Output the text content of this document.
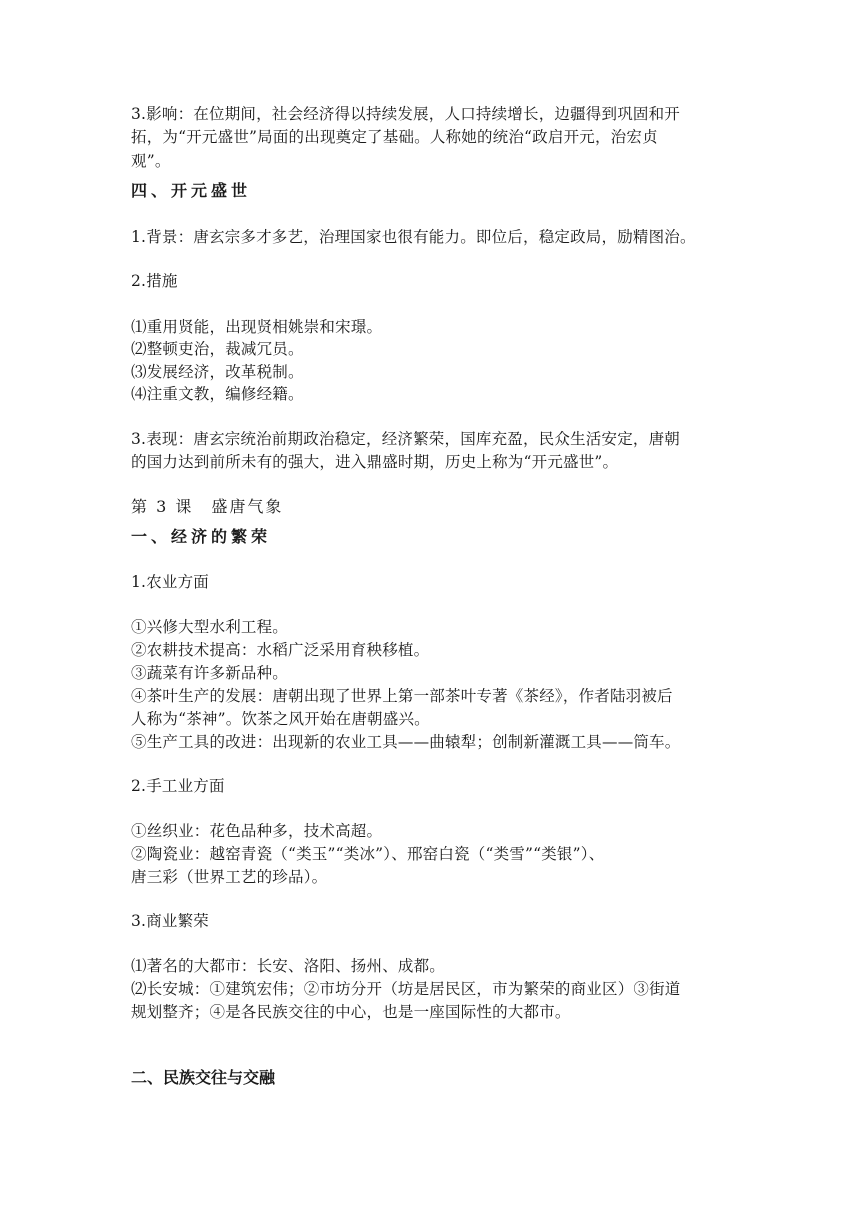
3.影响：在位期间，社会经济得以持续发展，人口持续增长，边疆得到巩固和开
拓，为“开元盛世”局面的出现奠定了基础。人称她的统治“政启开元，治宏贞
观”。
四、开元盛世
1.背景：唐玄宗多才多艺，治理国家也很有能力。即位后，稳定政局，励精图治。
2.措施
⑴重用贤能，出现贤相姚崇和宋璟。
⑵整顿吏治，裁减冗员。
⑶发展经济，改革税制。
⑷注重文教，编修经籍。
3.表现：唐玄宗统治前期政治稳定，经济繁荣，国库充盈，民众生活安定，唐朝
的国力达到前所未有的强大，进入鼎盛时期，历史上称为“开元盛世”。
第 3 课　盛唐气象
一、经济的繁荣
1.农业方面
①兴修大型水利工程。
②农耕技术提高：水稻广泛采用育秧移植。
③蔬菜有许多新品种。
④茶叶生产的发展：唐朝出现了世界上第一部茶叶专著《茶经》，作者陆羽被后
人称为“茶神”。饮茶之风开始在唐朝盛兴。
⑤生产工具的改进：出现新的农业工具——曲辕犁；创制新灌溉工具——筒车。
2.手工业方面
①丝织业：花色品种多，技术高超。
②陶瓷业：越窑青瓷（“类玉”“类冰”）、邢窑白瓷（“类雪”“类银”）、
唐三彩（世界工艺的珍品）。
3.商业繁荣
⑴著名的大都市：长安、洛阳、扬州、成都。
⑵长安城：①建筑宏伟；②市坊分开（坊是居民区，市为繁荣的商业区）③街道
规划整齐；④是各民族交往的中心，也是一座国际性的大都市。
二、民族交往与交融
